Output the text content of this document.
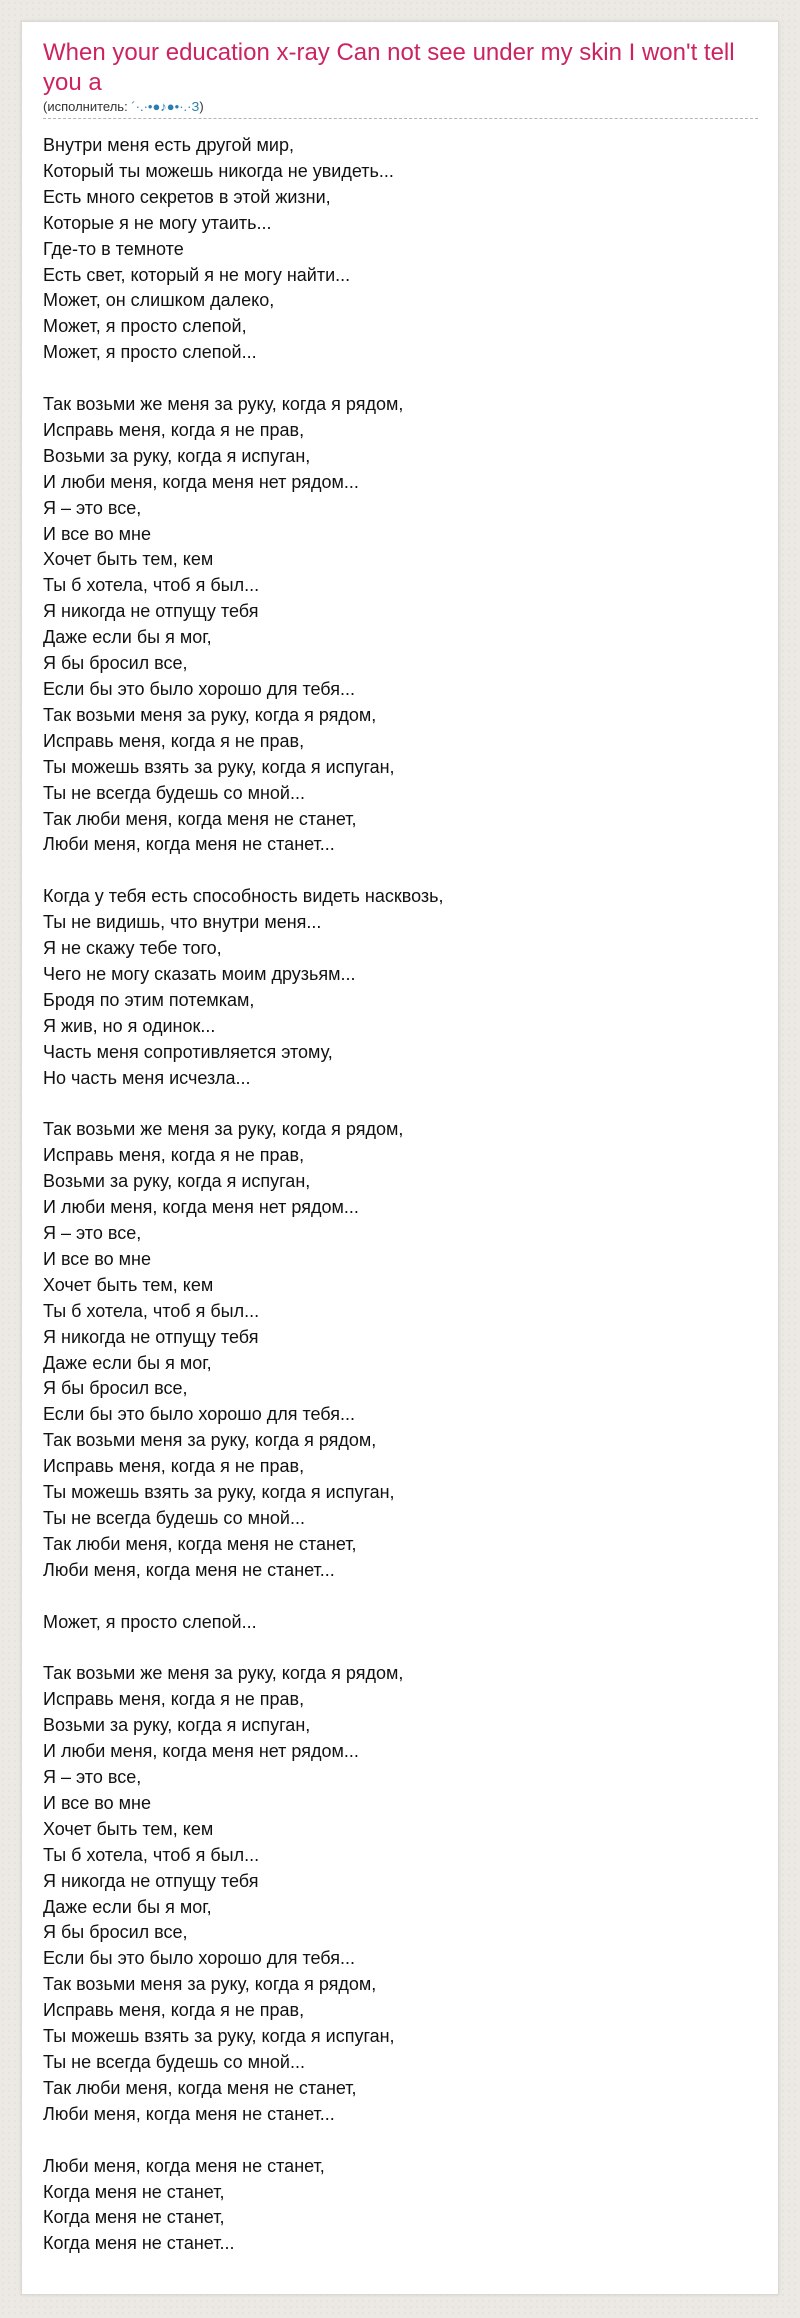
When your education x-ray Can not see under my skin I won't tell you a
(исполнитель: ´·.·•●♪●•·.·З)
Внутри меня есть другой мир,
Который ты можешь никогда не увидеть...
Есть много секретов в этой жизни,
Которые я не могу утаить...
Где-то в темноте
Есть свет, который я не могу найти...
Может, он слишком далеко,
Может, я просто слепой,
Может, я просто слепой...
Так возьми же меня за руку, когда я рядом,
Исправь меня, когда я не прав,
Возьми за руку, когда я испуган,
И люби меня, когда меня нет рядом...
Я – это все,
И все во мне
Хочет быть тем, кем
Ты б хотела, чтоб я был...
Я никогда не отпущу тебя
Даже если бы я мог,
Я бы бросил все,
Если бы это было хорошо для тебя...
Так возьми меня за руку, когда я рядом,
Исправь меня, когда я не прав,
Ты можешь взять за руку, когда я испуган,
Ты не всегда будешь со мной...
Так люби меня, когда меня не станет,
Люби меня, когда меня не станет...
Когда у тебя есть способность видеть насквозь,
Ты не видишь, что внутри меня...
Я не скажу тебе того,
Чего не могу сказать моим друзьям...
Бродя по этим потемкам,
Я жив, но я одинок...
Часть меня сопротивляется этому,
Но часть меня исчезла...
Так возьми же меня за руку, когда я рядом,
Исправь меня, когда я не прав,
Возьми за руку, когда я испуган,
И люби меня, когда меня нет рядом...
Я – это все,
И все во мне
Хочет быть тем, кем
Ты б хотела, чтоб я был...
Я никогда не отпущу тебя
Даже если бы я мог,
Я бы бросил все,
Если бы это было хорошо для тебя...
Так возьми меня за руку, когда я рядом,
Исправь меня, когда я не прав,
Ты можешь взять за руку, когда я испуган,
Ты не всегда будешь со мной...
Так люби меня, когда меня не станет,
Люби меня, когда меня не станет...
Может, я просто слепой...
Так возьми же меня за руку, когда я рядом,
Исправь меня, когда я не прав,
Возьми за руку, когда я испуган,
И люби меня, когда меня нет рядом...
Я – это все,
И все во мне
Хочет быть тем, кем
Ты б хотела, чтоб я был...
Я никогда не отпущу тебя
Даже если бы я мог,
Я бы бросил все,
Если бы это было хорошо для тебя...
Так возьми меня за руку, когда я рядом,
Исправь меня, когда я не прав,
Ты можешь взять за руку, когда я испуган,
Ты не всегда будешь со мной...
Так люби меня, когда меня не станет,
Люби меня, когда меня не станет...
Люби меня, когда меня не станет,
Когда меня не станет,
Когда меня не станет,
Когда меня не станет...
